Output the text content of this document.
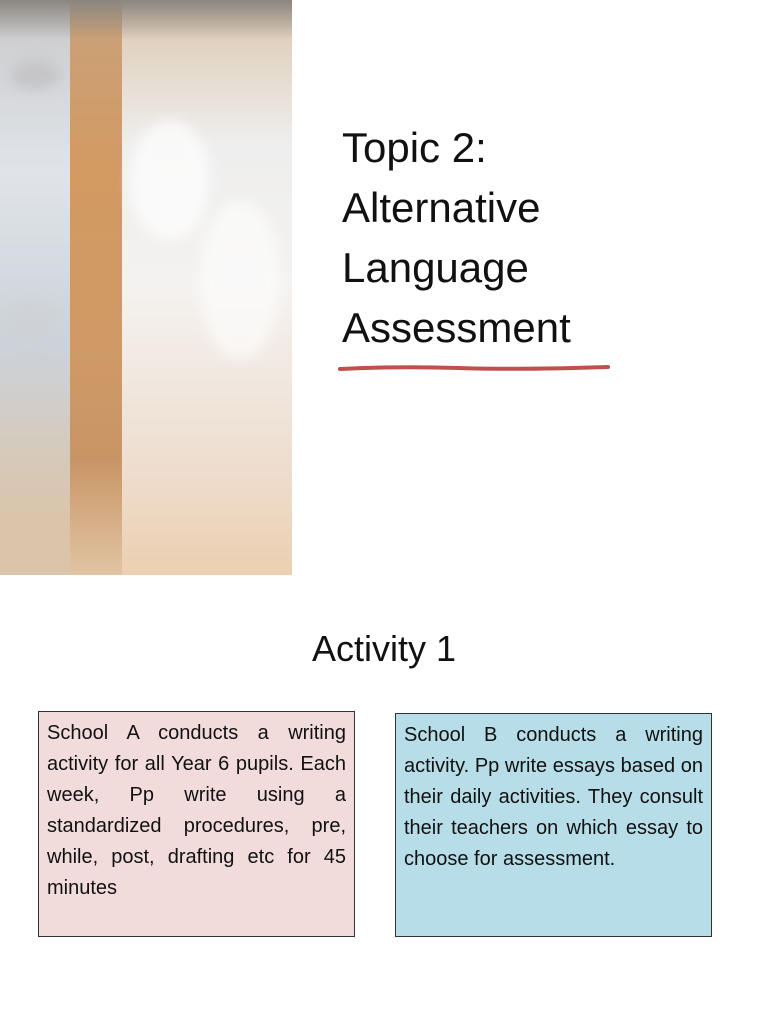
Topic 2:
Alternative
Language
Assessment
Activity 1
School A conducts a writing activity for all Year 6 pupils. Each week, Pp write using a standardized procedures, pre, while, post, drafting etc for 45 minutes
School B conducts a writing activity. Pp write essays based on their daily activities. They consult their teachers on which essay to choose for assessment.
